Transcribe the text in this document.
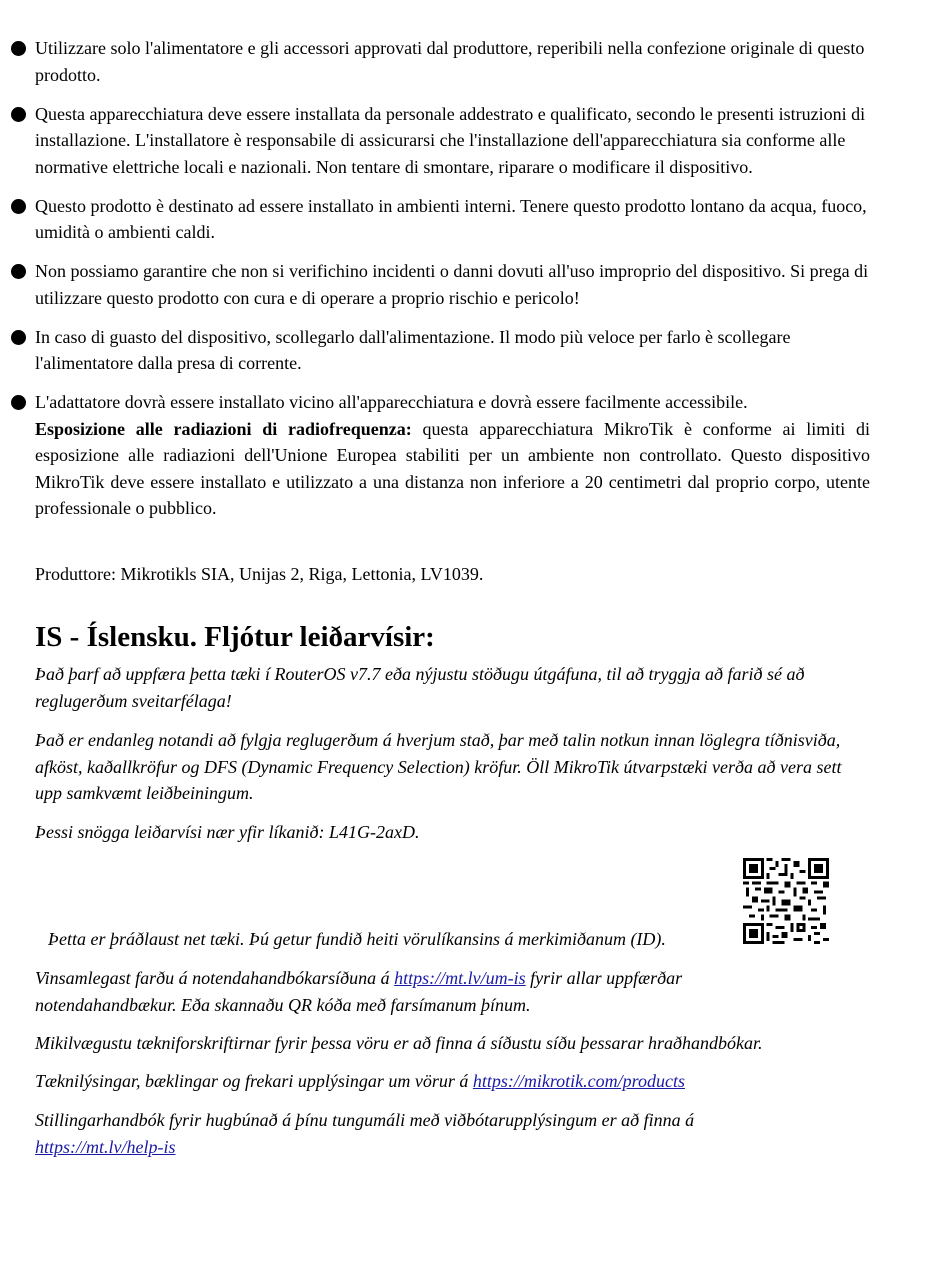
Utilizzare solo l'alimentatore e gli accessori approvati dal produttore, reperibili nella confezione originale di questo prodotto.
Questa apparecchiatura deve essere installata da personale addestrato e qualificato, secondo le presenti istruzioni di installazione. L'installatore è responsabile di assicurarsi che l'installazione dell'apparecchiatura sia conforme alle normative elettriche locali e nazionali. Non tentare di smontare, riparare o modificare il dispositivo.
Questo prodotto è destinato ad essere installato in ambienti interni. Tenere questo prodotto lontano da acqua, fuoco, umidità o ambienti caldi.
Non possiamo garantire che non si verifichino incidenti o danni dovuti all'uso improprio del dispositivo. Si prega di utilizzare questo prodotto con cura e di operare a proprio rischio e pericolo!
In caso di guasto del dispositivo, scollegarlo dall'alimentazione. Il modo più veloce per farlo è scollegare l'alimentatore dalla presa di corrente.
L'adattatore dovrà essere installato vicino all'apparecchiatura e dovrà essere facilmente accessibile.
Esposizione alle radiazioni di radiofrequenza: questa apparecchiatura MikroTik è conforme ai limiti di esposizione alle radiazioni dell'Unione Europea stabiliti per un ambiente non controllato. Questo dispositivo MikroTik deve essere installato e utilizzato a una distanza non inferiore a 20 centimetri dal proprio corpo, utente professionale o pubblico.

Produttore: Mikrotikls SIA, Unijas 2, Riga, Lettonia, LV1039.

IS - Íslensku. Fljótur leiðarvísir:

Það þarf að uppfæra þetta tæki í RouterOS v7.7 eða nýjustu stöðugu útgáfuna, til að tryggja að farið sé að reglugerðum sveitarfélaga!

Það er endanleg notandi að fylgja reglugerðum á hverjum stað, þar með talin notkun innan löglegra tíðnisviða, afköst, kaðallkröfur og DFS (Dynamic Frequency Selection) kröfur. Öll MikroTik útvarpstæki verða að vera sett upp samkvæmt leiðbeiningum.

Þessi snögga leiðarvísi nær yfir líkanið: L41G-2axD.

Þetta er þráðlaust net tæki. Þú getur fundið heiti vörulíkansins á merkimiðanum (ID).

Vinsamlegast farðu á notendahandbókarsíðuna á https://mt.lv/um-is fyrir allar uppfærðar notendahandbækur. Eða skannaðu QR kóða með farsímanum þínum.

Mikilvægustu tækniforskriftirnar fyrir þessa vöru er að finna á síðustu síðu þessarar hraðhandbókar.

Tæknilýsingar, bæklingar og frekari upplýsingar um vörur á https://mikrotik.com/products

Stillingarhandbók fyrir hugbúnað á þínu tungumáli með viðbótarupplýsingum er að finna á https://mt.lv/help-is
